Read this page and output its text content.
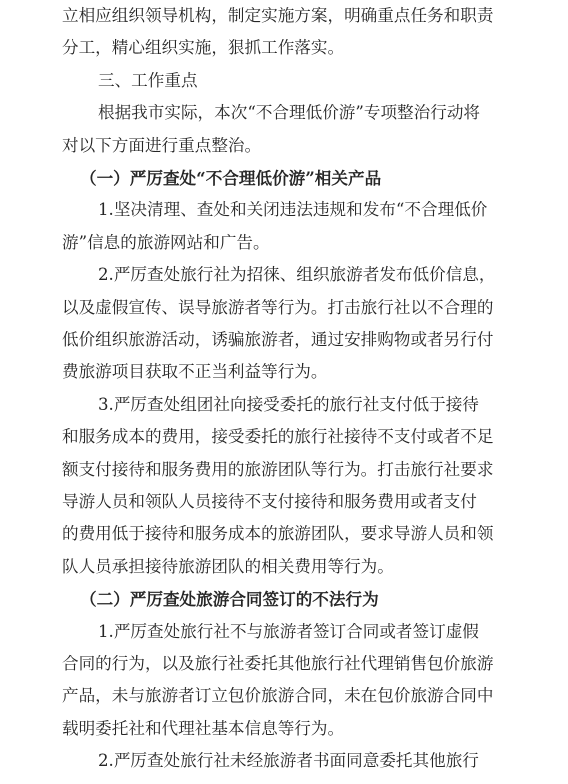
立相应组织领导机构，制定实施方案，明确重点任务和职责
分工，精心组织实施，狠抓工作落实。
三、工作重点
根据我市实际，本次“不合理低价游”专项整治行动将
对以下方面进行重点整治。
（一）严厉查处“不合理低价游”相关产品
1.坚决清理、查处和关闭违法违规和发布“不合理低价
游”信息的旅游网站和广告。
2.严厉查处旅行社为招徕、组织旅游者发布低价信息，
以及虚假宣传、误导旅游者等行为。打击旅行社以不合理的
低价组织旅游活动，诱骗旅游者，通过安排购物或者另行付
费旅游项目获取不正当利益等行为。
3.严厉查处组团社向接受委托的旅行社支付低于接待
和服务成本的费用，接受委托的旅行社接待不支付或者不足
额支付接待和服务费用的旅游团队等行为。打击旅行社要求
导游人员和领队人员接待不支付接待和服务费用或者支付
的费用低于接待和服务成本的旅游团队，要求导游人员和领
队人员承担接待旅游团队的相关费用等行为。
（二）严厉查处旅游合同签订的不法行为
1.严厉查处旅行社不与旅游者签订合同或者签订虚假
合同的行为，以及旅行社委托其他旅行社代理销售包价旅游
产品，未与旅游者订立包价旅游合同，未在包价旅游合同中
载明委托社和代理社基本信息等行为。
2.严厉查处旅行社未经旅游者书面同意委托其他旅行
